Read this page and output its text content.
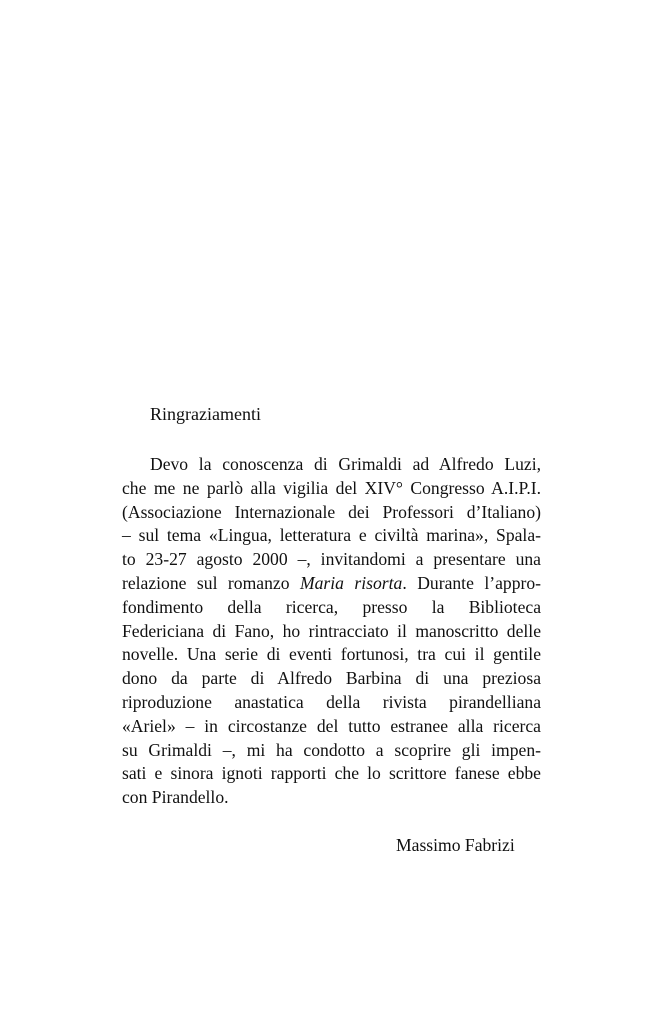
Ringraziamenti
Devo la conoscenza di Grimaldi ad Alfredo Luzi,
che me ne parlò alla vigilia del XIV° Congresso A.I.P.I.
(Associazione Internazionale dei Professori d’Italiano)
– sul tema «Lingua, letteratura e civiltà marina», Spala-
to 23-27 agosto 2000 –, invitandomi a presentare una
relazione sul romanzo Maria risorta. Durante l’appro-
fondimento della ricerca, presso la Biblioteca
Federiciana di Fano, ho rintracciato il manoscritto delle
novelle. Una serie di eventi fortunosi, tra cui il gentile
dono da parte di Alfredo Barbina di una preziosa
riproduzione anastatica della rivista pirandelliana
«Ariel» – in circostanze del tutto estranee alla ricerca
su Grimaldi –, mi ha condotto a scoprire gli impen-
sati e sinora ignoti rapporti che lo scrittore fanese ebbe
con Pirandello.

Massimo Fabrizi
